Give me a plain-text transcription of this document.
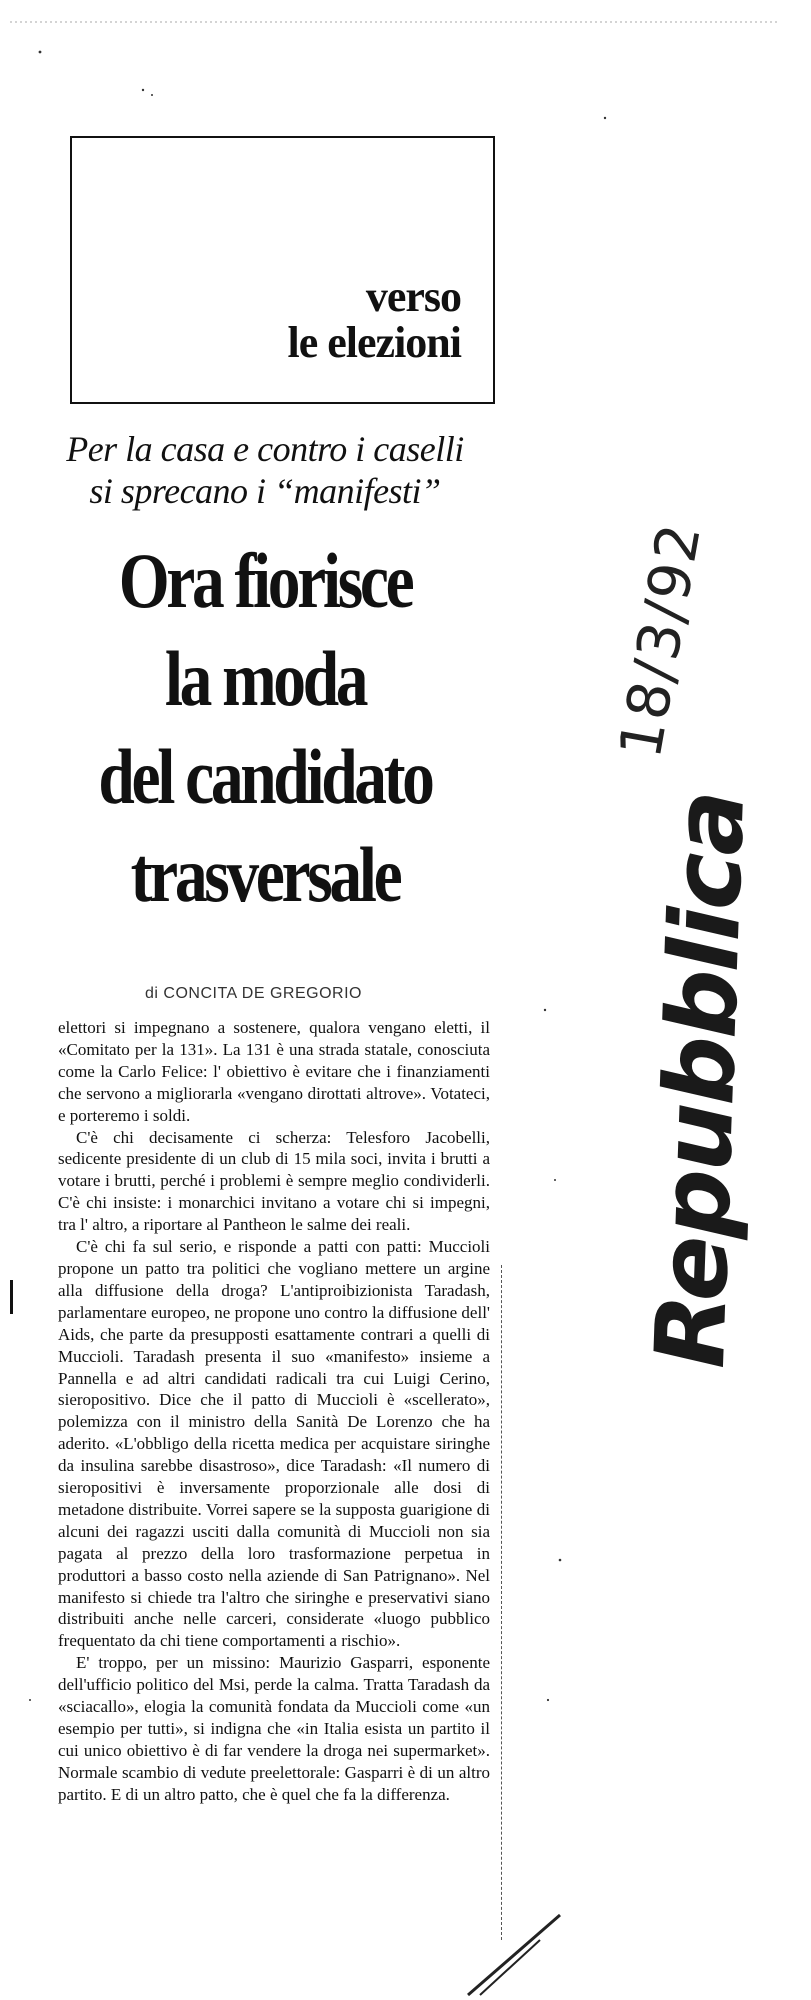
verso
le elezioni
Per la casa e contro i caselli
si sprecano i “manifesti”
Ora fiorisce
la moda
del candidato
trasversale
di CONCITA DE GREGORIO

elettori si impegnano a sostenere, qualora vengano eletti, il «Comitato per la 131». La 131 è una strada statale, conosciuta come la Carlo Felice: l' obiettivo è evitare che i finanziamenti che servono a migliorarla «vengano dirottati altrove». Votateci, e porteremo i soldi.

C'è chi decisamente ci scherza: Telesforo Jacobelli, sedicente presidente di un club di 15 mila soci, invita i brutti a votare i brutti, perché i problemi è sempre meglio condividerli. C'è chi insiste: i monarchici invitano a votare chi si impegni, tra l' altro, a riportare al Pantheon le salme dei reali.

C'è chi fa sul serio, e risponde a patti con patti: Muccioli propone un patto tra politici che vogliano mettere un argine alla diffusione della droga? L'antiproibizionista Taradash, parlamentare europeo, ne propone uno contro la diffusione dell' Aids, che parte da presupposti esattamente contrari a quelli di Muccioli. Taradash presenta il suo «manifesto» insieme a Pannella e ad altri candidati radicali tra cui Luigi Cerino, sieropositivo. Dice che il patto di Muccioli è «scellerato», polemizza con il ministro della Sanità De Lorenzo che ha aderito. «L'obbligo della ricetta medica per acquistare siringhe da insulina sarebbe disastroso», dice Taradash: «Il numero di sieropositivi è inversamente proporzionale alle dosi di metadone distribuite. Vorrei sapere se la supposta guarigione di alcuni dei ragazzi usciti dalla comunità di Muccioli non sia pagata al prezzo della loro trasformazione perpetua in produttori a basso costo nella aziende di San Patrignano». Nel manifesto si chiede tra l'altro che siringhe e preservativi siano distribuiti anche nelle carceri, considerate «luogo pubblico frequentato da chi tiene comportamenti a rischio».

E' troppo, per un missino: Maurizio Gasparri, esponente dell'ufficio politico del Msi, perde la calma. Tratta Taradash da «sciacallo», elogia la comunità fondata da Muccioli come «un esempio per tutti», si indigna che «in Italia esista un partito il cui unico obiettivo è di far vendere la droga nei supermarket». Normale scambio di vedute preelettorale: Gasparri è di un altro partito. E di un altro patto, che è quel che fa la differenza.

18/3/92
Repubblica
